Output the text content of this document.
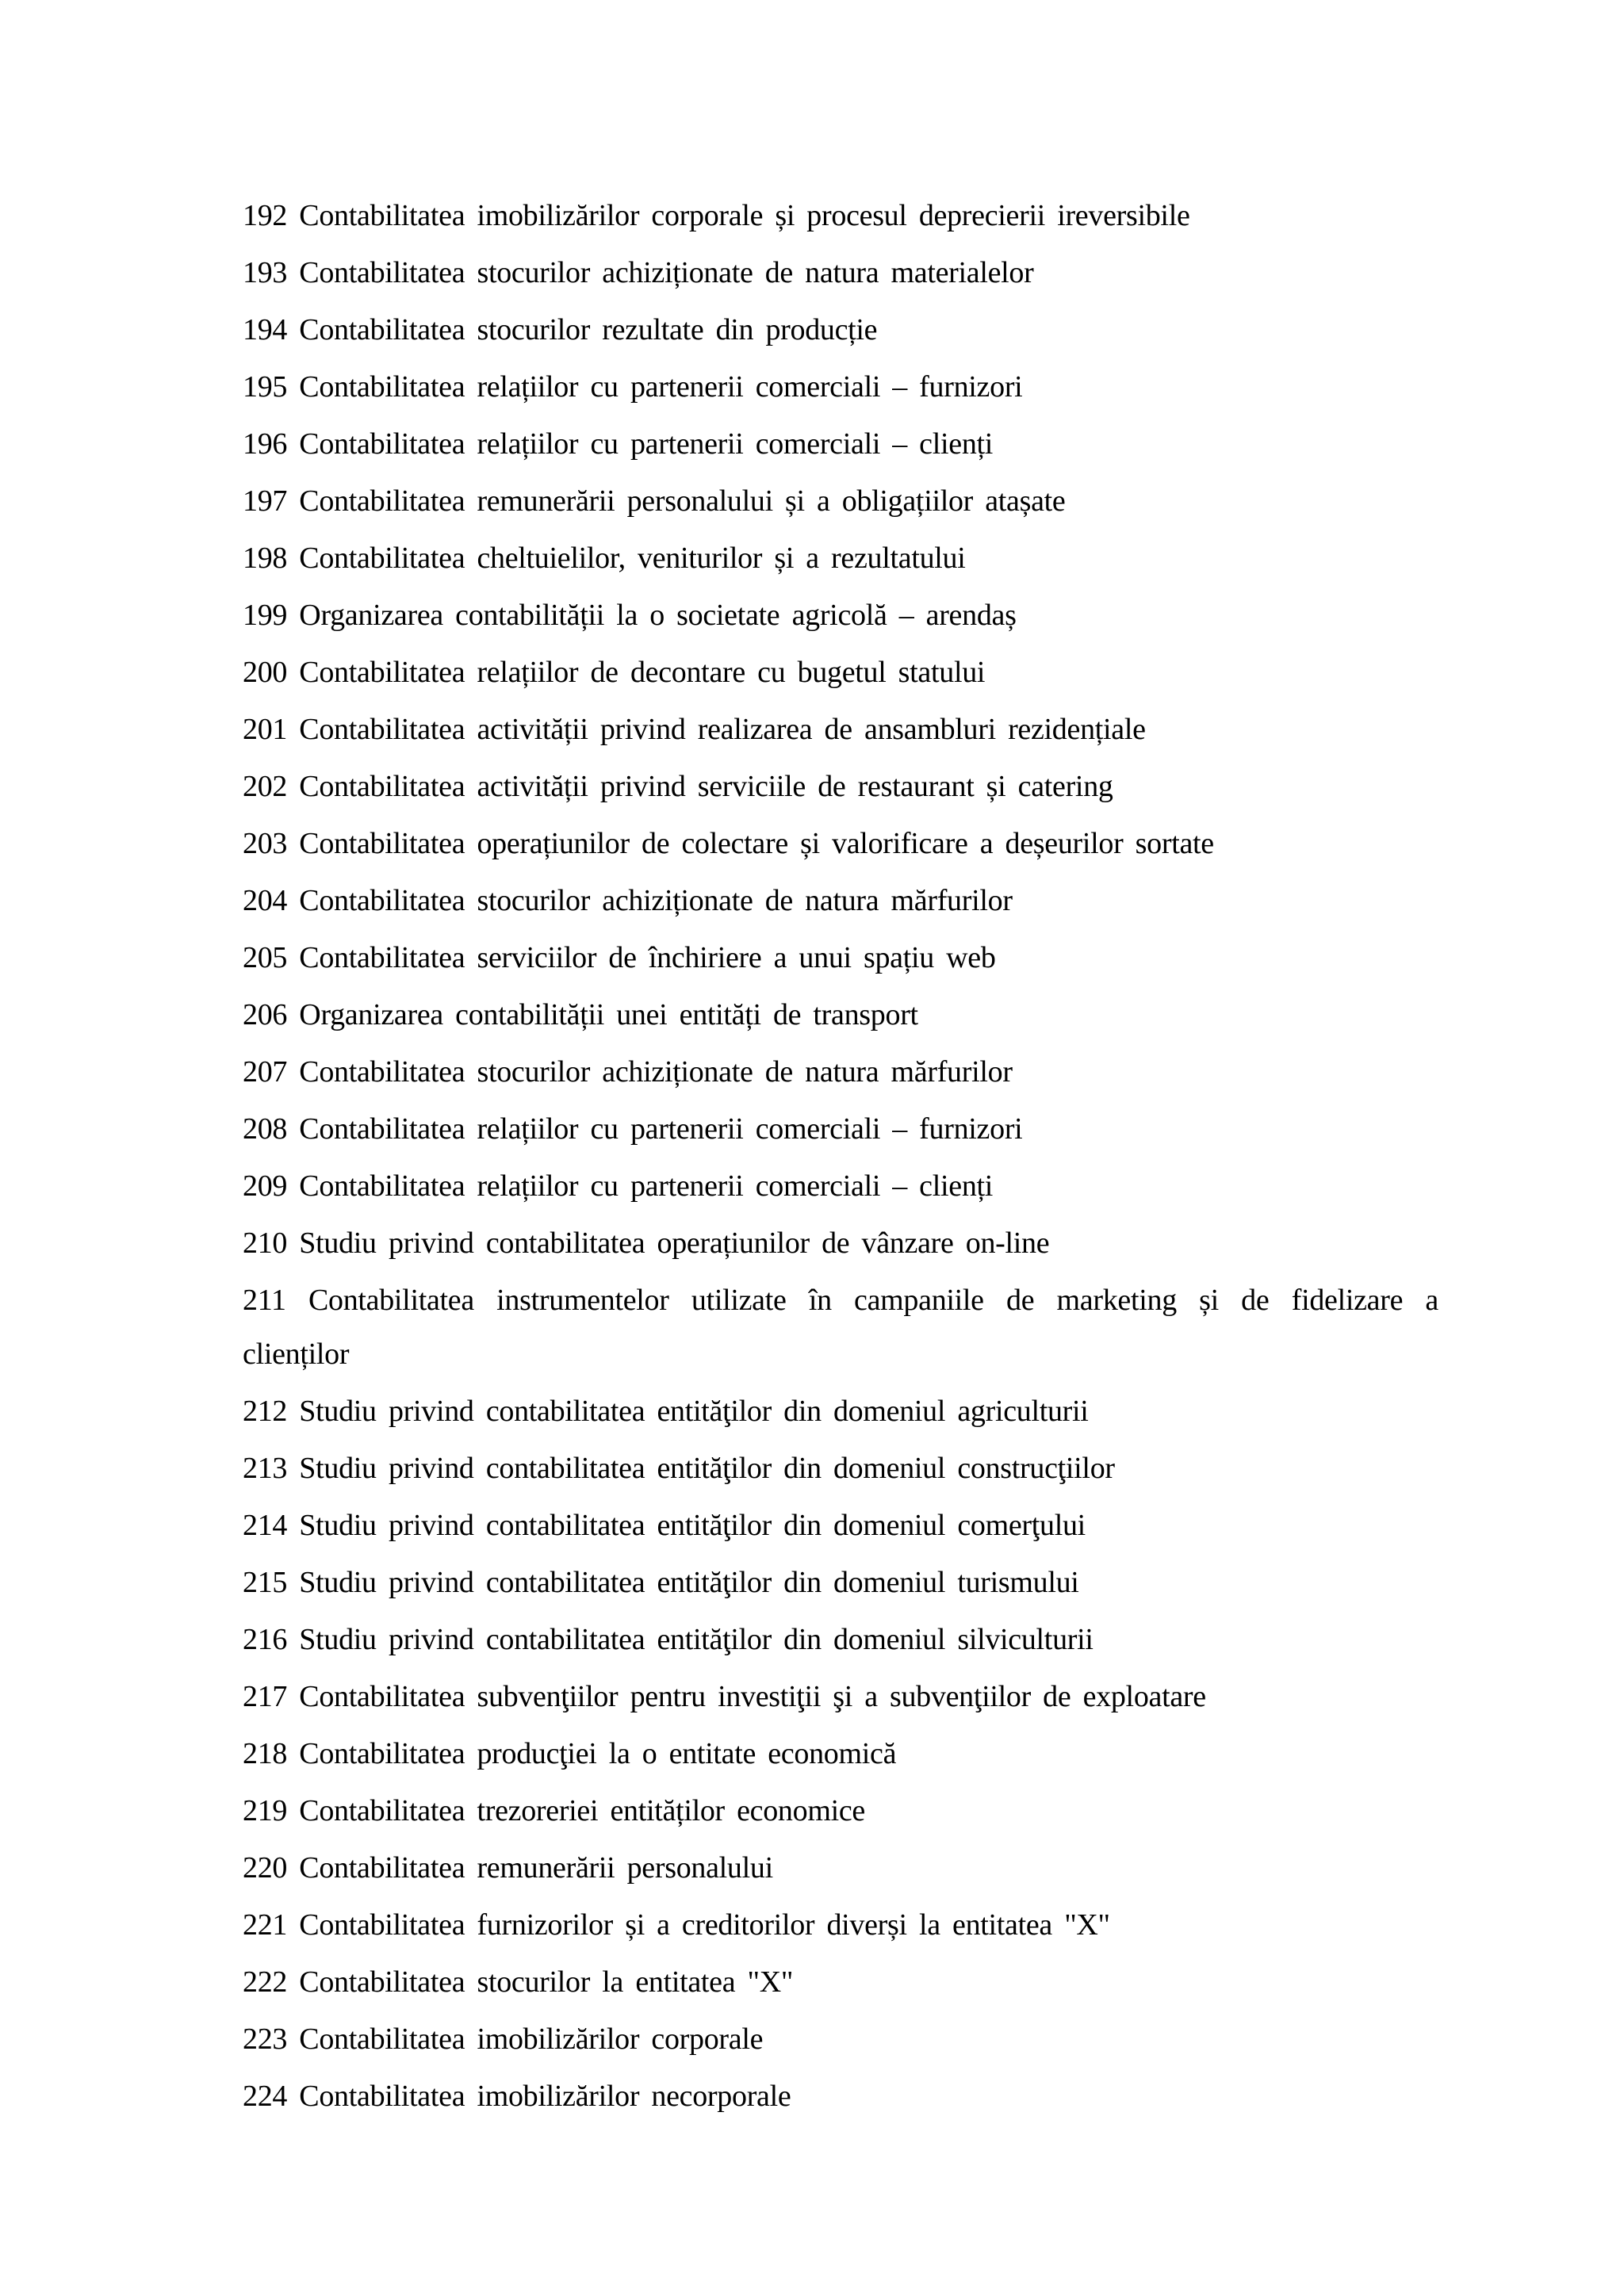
192 Contabilitatea imobilizărilor corporale și procesul deprecierii ireversibile
193 Contabilitatea stocurilor achiziționate de natura materialelor
194 Contabilitatea stocurilor rezultate din producție
195 Contabilitatea relațiilor cu partenerii comerciali – furnizori
196 Contabilitatea relațiilor cu partenerii comerciali – clienți
197 Contabilitatea remunerării personalului și a obligațiilor atașate
198 Contabilitatea cheltuielilor, veniturilor și a rezultatului
199 Organizarea contabilității la o societate agricolă – arendaș
200 Contabilitatea relațiilor de decontare cu bugetul statului
201 Contabilitatea activității privind realizarea de ansambluri rezidențiale
202 Contabilitatea activității privind serviciile de restaurant și catering
203 Contabilitatea operațiunilor de colectare și valorificare a deșeurilor sortate
204 Contabilitatea stocurilor achiziționate de natura mărfurilor
205 Contabilitatea serviciilor de închiriere a unui spațiu web
206 Organizarea contabilității unei entități de transport
207 Contabilitatea stocurilor achiziționate de natura mărfurilor
208 Contabilitatea relațiilor cu partenerii comerciali – furnizori
209 Contabilitatea relațiilor cu partenerii comerciali – clienți
210 Studiu privind contabilitatea operațiunilor de vânzare on-line
211 Contabilitatea instrumentelor utilizate în campaniile de marketing și de fidelizare a clienților
212 Studiu privind contabilitatea entităţilor din domeniul agriculturii
213 Studiu privind contabilitatea entităţilor din domeniul construcţiilor
214 Studiu privind contabilitatea entităţilor din domeniul comerţului
215 Studiu privind contabilitatea entităţilor din domeniul turismului
216 Studiu privind contabilitatea entităţilor din domeniul silviculturii
217 Contabilitatea subvenţiilor pentru investiţii şi a subvenţiilor de exploatare
218 Contabilitatea producţiei la o entitate economică
219 Contabilitatea trezoreriei entităților economice
220 Contabilitatea remunerării personalului
221 Contabilitatea furnizorilor și a creditorilor diverși la entitatea "X"
222 Contabilitatea stocurilor la entitatea "X"
223 Contabilitatea imobilizărilor corporale
224 Contabilitatea imobilizărilor necorporale
